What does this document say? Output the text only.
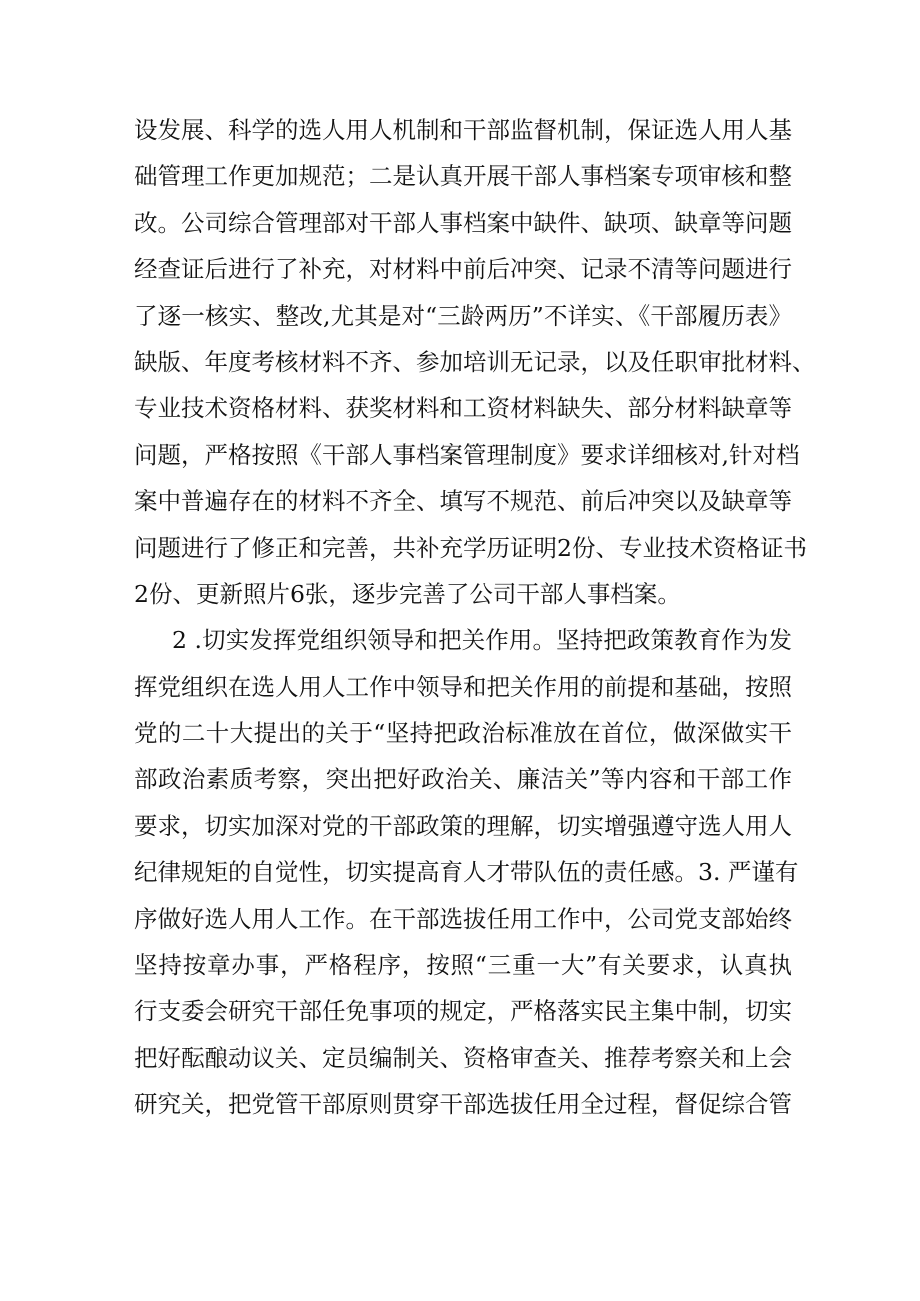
设发展、科学的选人用人机制和干部监督机制，保证选人用人基
础管理工作更加规范；二是认真开展干部人事档案专项审核和整
改。公司综合管理部对干部人事档案中缺件、缺项、缺章等问题
经查证后进行了补充，对材料中前后冲突、记录不清等问题进行
了逐一核实、整改,尤其是对“三龄两历”不详实、《干部履历表》
缺版、年度考核材料不齐、参加培训无记录，以及任职审批材料、
专业技术资格材料、获奖材料和工资材料缺失、部分材料缺章等
问题，严格按照《干部人事档案管理制度》要求详细核对,针对档
案中普遍存在的材料不齐全、填写不规范、前后冲突以及缺章等
问题进行了修正和完善，共补充学历证明2份、专业技术资格证书
2份、更新照片6张，逐步完善了公司干部人事档案。
2 .切实发挥党组织领导和把关作用。坚持把政策教育作为发
挥党组织在选人用人工作中领导和把关作用的前提和基础，按照
党的二十大提出的关于“坚持把政治标准放在首位，做深做实干
部政治素质考察，突出把好政治关、廉洁关”等内容和干部工作
要求，切实加深对党的干部政策的理解，切实增强遵守选人用人
纪律规矩的自觉性，切实提高育人才带队伍的责任感。3. 严谨有
序做好选人用人工作。在干部选拔任用工作中，公司党支部始终
坚持按章办事，严格程序，按照“三重一大”有关要求，认真执
行支委会研究干部任免事项的规定，严格落实民主集中制，切实
把好酝酿动议关、定员编制关、资格审查关、推荐考察关和上会
研究关，把党管干部原则贯穿干部选拔任用全过程，督促综合管
